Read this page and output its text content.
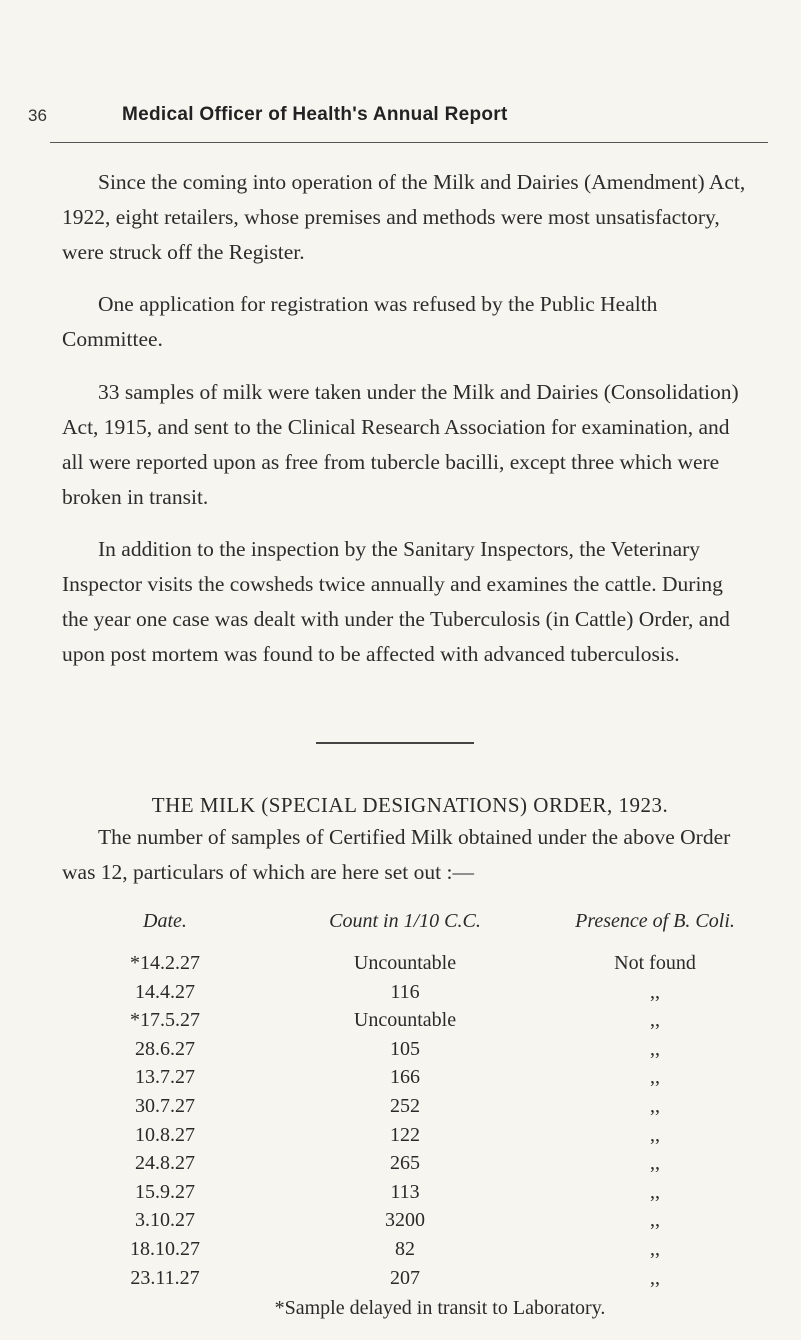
36	Medical Officer of Health's Annual Report

Since the coming into operation of the Milk and Dairies (Amendment) Act, 1922, eight retailers, whose premises and methods were most unsatisfactory, were struck off the Register.

One application for registration was refused by the Public Health Committee.

33 samples of milk were taken under the Milk and Dairies (Consolidation) Act, 1915, and sent to the Clinical Research Association for examination, and all were reported upon as free from tubercle bacilli, except three which were broken in transit.

In addition to the inspection by the Sanitary Inspectors, the Veterinary Inspector visits the cowsheds twice annually and examines the cattle. During the year one case was dealt with under the Tuberculosis (in Cattle) Order, and upon post mortem was found to be affected with advanced tuberculosis.

THE MILK (SPECIAL DESIGNATIONS) ORDER, 1923.

The number of samples of Certified Milk obtained under the above Order was 12, particulars of which are here set out :—

Date.	Count in 1/10 C.C.	Presence of B. Coli.
*14.2.27	Uncountable	Not found
14.4.27	116	,,
*17.5.27	Uncountable	,,
28.6.27	105	,,
13.7.27	166	,,
30.7.27	252	,,
10.8.27	122	,,
24.8.27	265	,,
15.9.27	113	,,
3.10.27	3200	,,
18.10.27	82	,,
23.11.27	207	,,

*Sample delayed in transit to Laboratory.
